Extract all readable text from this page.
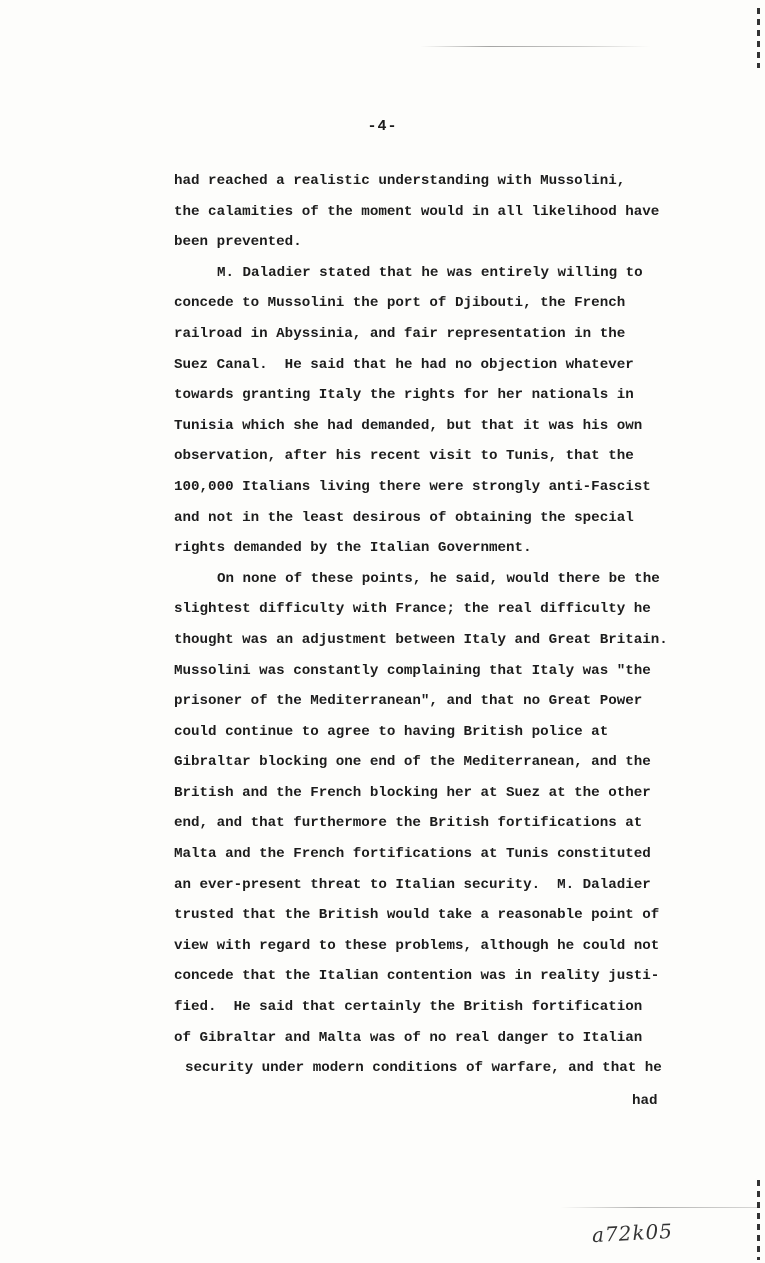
-4-
had reached a realistic understanding with Mussolini,
the calamities of the moment would in all likelihood have
been prevented.
M. Daladier stated that he was entirely willing to
concede to Mussolini the port of Djibouti, the French
railroad in Abyssinia, and fair representation in the
Suez Canal.  He said that he had no objection whatever
towards granting Italy the rights for her nationals in
Tunisia which she had demanded, but that it was his own
observation, after his recent visit to Tunis, that the
100,000 Italians living there were strongly anti-Fascist
and not in the least desirous of obtaining the special
rights demanded by the Italian Government.
On none of these points, he said, would there be the
slightest difficulty with France; the real difficulty he
thought was an adjustment between Italy and Great Britain.
Mussolini was constantly complaining that Italy was "the
prisoner of the Mediterranean", and that no Great Power
could continue to agree to having British police at
Gibraltar blocking one end of the Mediterranean, and the
British and the French blocking her at Suez at the other
end, and that furthermore the British fortifications at
Malta and the French fortifications at Tunis constituted
an ever-present threat to Italian security.  M. Daladier
trusted that the British would take a reasonable point of
view with regard to these problems, although he could not
concede that the Italian contention was in reality justi-
fied.  He said that certainly the British fortification
of Gibraltar and Malta was of no real danger to Italian
security under modern conditions of warfare, and that he
had
a72k05
